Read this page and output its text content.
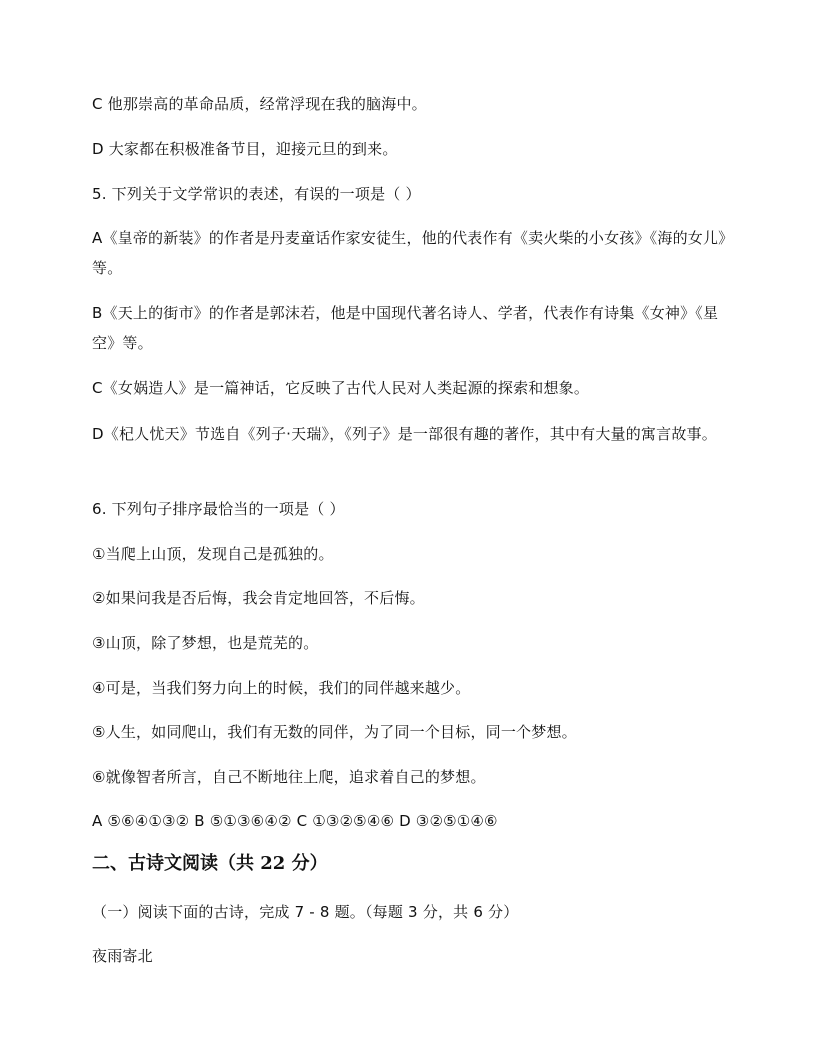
C 他那崇高的革命品质，经常浮现在我的脑海中。
D 大家都在积极准备节目，迎接元旦的到来。
5. 下列关于文学常识的表述，有误的一项是（ ）
A《皇帝的新装》的作者是丹麦童话作家安徒生，他的代表作有《卖火柴的小女孩》《海的女儿》等。
B《天上的街市》的作者是郭沫若，他是中国现代著名诗人、学者，代表作有诗集《女神》《星空》等。
C《女娲造人》是一篇神话，它反映了古代人民对人类起源的探索和想象。
D《杞人忧天》节选自《列子·天瑞》，《列子》是一部很有趣的著作，其中有大量的寓言故事。
6. 下列句子排序最恰当的一项是（ ）
①当爬上山顶，发现自己是孤独的。
②如果问我是否后悔，我会肯定地回答，不后悔。
③山顶，除了梦想，也是荒芜的。
④可是，当我们努力向上的时候，我们的同伴越来越少。
⑤人生，如同爬山，我们有无数的同伴，为了同一个目标，同一个梦想。
⑥就像智者所言，自己不断地往上爬，追求着自己的梦想。
A ⑤⑥④①③② B ⑤①③⑥④② C ①③②⑤④⑥ D ③②⑤①④⑥
二、古诗文阅读（共 22 分）
（一）阅读下面的古诗，完成 7 - 8 题。（每题 3 分，共 6 分）
夜雨寄北
